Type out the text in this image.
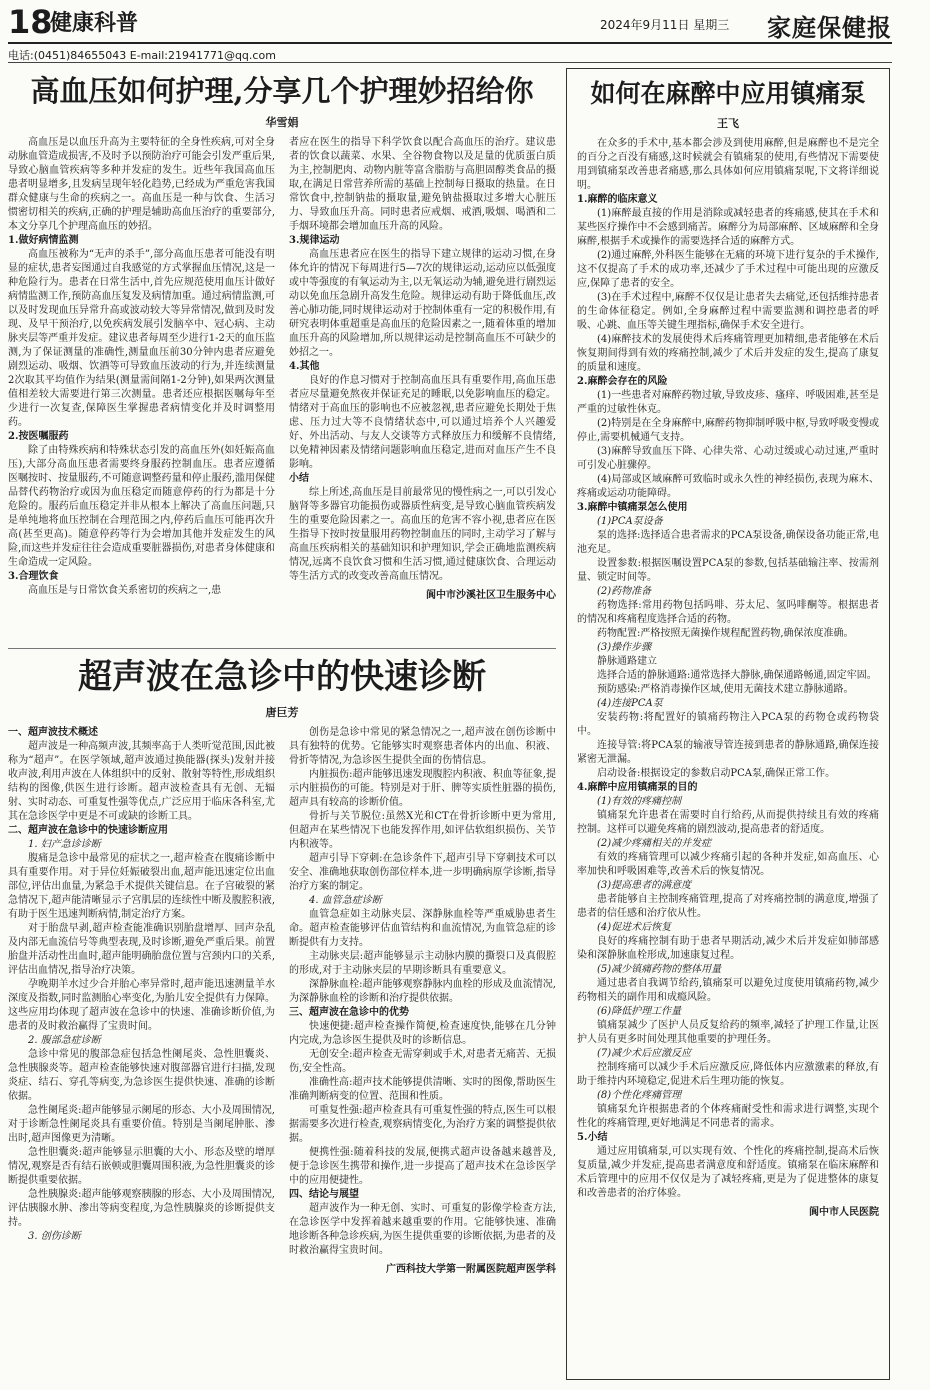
18
健康科普	2024年9月11日 星期三 家庭保健报
电话:(0451)84655043 E-mail:21941771@qq.com
高血压如何护理,分享几个护理妙招给你
华雪娟

高血压是以血压升高为主要特征的全身性疾病,可对全身动脉血管造成损害,不及时予以预防治疗可能会引发严重后果,导致心脑血管疾病等多种并发症的发生。近些年我国高血压患者明显增多,且发病呈现年轻化趋势,已经成为严重危害我国群众健康与生命的疾病之一。高血压是一种与饮食、生活习惯密切相关的疾病,正确的护理是辅助高血压治疗的重要部分,本文分享几个护理高血压的妙招。

1.做好病情监测

高血压被称为“无声的杀手”,部分高血压患者可能没有明显的症状,患者妄图通过自我感觉的方式掌握血压情况,这是一种危险行为。患者在日常生活中,首先应规范使用血压计做好病情监测工作,预防高血压复发及病情加重。通过病情监测,可以及时发现血压异常升高或波动较大等异常情况,做到及时发现、及早干预治疗,以免疾病发展引发脑卒中、冠心病、主动脉夹层等严重并发症。建议患者每周至少进行1-2天的血压监测,为了保证测量的准确性,测量血压前30分钟内患者应避免剧烈运动、吸烟、饮酒等可导致血压波动的行为,并连续测量2次取其平均值作为结果(测量需间隔1-2分钟),如果两次测量值相差较大需要进行第三次测量。患者还应根据医嘱每年至少进行一次复查,保障医生掌握患者病情变化并及时调整用药。

2.按医嘱服药

除了由特殊疾病和特殊状态引发的高血压外(如妊娠高血压),大部分高血压患者需要终身服药控制血压。患者应遵循医嘱按时、按量服药,不可随意调整药量和停止服药,滥用保健品替代药物治疗或因为血压稳定而随意停药的行为都是十分危险的。服药后血压稳定并非从根本上解决了高血压问题,只是单纯地将血压控制在合理范围之内,停药后血压可能再次升高(甚至更高)。随意停药等行为会增加其他并发症发生的风险,而这些并发症往往会造成重要脏器损伤,对患者身体健康和生命造成一定风险。

3.合理饮食

高血压是与日常饮食关系密切的疾病之一,患

者应在医生的指导下科学饮食以配合高血压的治疗。建议患者的饮食以蔬菜、水果、全谷物食物以及足量的优质蛋白质为主,控制肥肉、动物内脏等富含脂肪与高胆固醇类食品的摄取,在满足日常营养所需的基础上控制每日摄取的热量。在日常饮食中,控制钠盐的摄取量,避免钠盐摄取过多增大心脏压力、导致血压升高。同时患者应戒烟、戒酒,吸烟、喝酒和二手烟环境都会增加血压升高的风险。

3.规律运动

高血压患者应在医生的指导下建立规律的运动习惯,在身体允许的情况下每周进行5—7次的规律运动,运动应以低强度或中等强度的有氧运动为主,以无氧运动为辅,避免进行剧烈运动以免血压急剧升高发生危险。规律运动有助于降低血压,改善心肺功能,同时规律运动对于控制体重有一定的积极作用,有研究表明体重超重是高血压的危险因素之一,随着体重的增加血压升高的风险增加,所以规律运动是控制高血压不可缺少的妙招之一。

4.其他

良好的作息习惯对于控制高血压具有重要作用,高血压患者应尽量避免熬夜并保证充足的睡眠,以免影响血压的稳定。情绪对于高血压的影响也不应被忽视,患者应避免长期处于焦虑、压力过大等不良情绪状态中,可以通过培养个人兴趣爱好、外出活动、与友人交谈等方式释放压力和缓解不良情绪,以免精神因素及情绪问题影响血压稳定,进而对血压产生不良影响。

小结

综上所述,高血压是目前最常见的慢性病之一,可以引发心脑肾等多器官功能损伤或器质性病变,是导致心脑血管疾病发生的重要危险因素之一。高血压的危害不容小视,患者应在医生指导下按时按量服用药物控制血压的同时,主动学习了解与高血压疾病相关的基础知识和护理知识,学会正确地监测疾病情况,远离不良饮食习惯和生活习惯,通过健康饮食、合理运动等生活方式的改变改善高血压情况。

阆中市沙溪社区卫生服务中心
超声波在急诊中的快速诊断
唐巨芳
一、超声波技术概述

超声波是一种高频声波,其频率高于人类听觉范围,因此被称为“超声”。在医学领域,超声波通过换能器(探头)发射并接收声波,利用声波在人体组织中的反射、散射等特性,形成组织结构的图像,供医生进行诊断。超声波检查具有无创、无辐射、实时动态、可重复性强等优点,广泛应用于临床各科室,尤其在急诊医学中更是不可或缺的诊断工具。

二、超声波在急诊中的快速诊断应用
1. 妇产急诊诊断

腹痛是急诊中最常见的症状之一,超声检查在腹痛诊断中具有重要作用。对于异位妊娠破裂出血,超声能迅速定位出血部位,评估出血量,为紧急手术提供关键信息。在子宫破裂的紧急情况下,超声能清晰显示子宫肌层的连续性中断及腹腔积液,有助于医生迅速判断病情,制定治疗方案。

对于胎盘早剥,超声检查能准确识别胎盘增厚、回声杂乱及内部无血流信号等典型表现,及时诊断,避免严重后果。前置胎盘并活动性出血时,超声能明确胎盘位置与宫颈内口的关系,评估出血情况,指导治疗决策。

孕晚期羊水过少合并胎心率异常时,超声能迅速测量羊水深度及指数,同时监测胎心率变化,为胎儿安全提供有力保障。这些应用均体现了超声波在急诊中的快速、准确诊断价值,为患者的及时救治赢得了宝贵时间。

2. 腹部急症诊断

急诊中常见的腹部急症包括急性阑尾炎、急性胆囊炎、急性胰腺炎等。超声检查能够快速对腹部器官进行扫描,发现炎症、结石、穿孔等病变,为急诊医生提供快速、准确的诊断依据。

急性阑尾炎:超声能够显示阑尾的形态、大小及周围情况,对于诊断急性阑尾炎具有重要价值。特别是当阑尾肿胀、渗出时,超声图像更为清晰。

急性胆囊炎:超声能够显示胆囊的大小、形态及壁的增厚情况,观察是否有结石嵌顿或胆囊周围积液,为急性胆囊炎的诊断提供重要依据。

急性胰腺炎:超声能够观察胰腺的形态、大小及周围情况,评估胰腺水肿、渗出等病变程度,为急性胰腺炎的诊断提供支持。

3. 创伤诊断

创伤是急诊中常见的紧急情况之一,超声波在创伤诊断中具有独特的优势。它能够实时观察患者体内的出血、积液、骨折等情况,为急诊医生提供全面的伤情信息。

内脏损伤:超声能够迅速发现腹腔内积液、积血等征象,提示内脏损伤的可能。特别是对于肝、脾等实质性脏器的损伤,超声具有较高的诊断价值。

骨折与关节脱位:虽然X光和CT在骨折诊断中更为常用,但超声在某些情况下也能发挥作用,如评估软组织损伤、关节内积液等。

超声引导下穿刺:在急诊条件下,超声引导下穿刺技术可以安全、准确地获取创伤部位样本,进一步明确病原学诊断,指导治疗方案的制定。

4. 血管急症诊断

血管急症如主动脉夹层、深静脉血栓等严重威胁患者生命。超声检查能够评估血管结构和血流情况,为血管急症的诊断提供有力支持。

主动脉夹层:超声能够显示主动脉内膜的撕裂口及真假腔的形成,对于主动脉夹层的早期诊断具有重要意义。

深静脉血栓:超声能够观察静脉内血栓的形成及血流情况,为深静脉血栓的诊断和治疗提供依据。

三、超声波在急诊中的优势

快速便捷:超声检查操作简便,检查速度快,能够在几分钟内完成,为急诊医生提供及时的诊断信息。

无创安全:超声检查无需穿刺或手术,对患者无痛苦、无损伤,安全性高。

准确性高:超声技术能够提供清晰、实时的图像,帮助医生准确判断病变的位置、范围和性质。

可重复性强:超声检查具有可重复性强的特点,医生可以根据需要多次进行检查,观察病情变化,为治疗方案的调整提供依据。

便携性强:随着科技的发展,便携式超声设备越来越普及,便于急诊医生携带和操作,进一步提高了超声技术在急诊医学中的应用便捷性。

四、结论与展望

超声波作为一种无创、实时、可重复的影像学检查方法,在急诊医学中发挥着越来越重要的作用。它能够快速、准确地诊断各种急诊疾病,为医生提供重要的诊断依据,为患者的及时救治赢得宝贵时间。

广西科技大学第一附属医院超声医学科
如何在麻醉中应用镇痛泵
王飞

在众多的手术中,基本都会涉及到使用麻醉,但是麻醉也不是完全的百分之百没有痛感,这时候就会有镇痛泵的使用,有些情况下需要使用到镇痛泵改善患者痛感,那么具体如何应用镇痛泵呢,下文将详细说明。

1.麻醉的临床意义

(1)麻醉最直接的作用是消除或减轻患者的疼痛感,使其在手术和某些医疗操作中不会感到痛苦。麻醉分为局部麻醉、区域麻醉和全身麻醉,根据手术或操作的需要选择合适的麻醉方式。

(2)通过麻醉,外科医生能够在无痛的环境下进行复杂的手术操作,这不仅提高了手术的成功率,还减少了手术过程中可能出现的应激反应,保障了患者的安全。

(3)在手术过程中,麻醉不仅仅是让患者失去痛觉,还包括维持患者的生命体征稳定。例如,全身麻醉过程中需要监测和调控患者的呼吸、心跳、血压等关键生理指标,确保手术安全进行。

(4)麻醉技术的发展使得术后疼痛管理更加精细,患者能够在术后恢复期间得到有效的疼痛控制,减少了术后并发症的发生,提高了康复的质量和速度。

2.麻醉会存在的风险

(1)一些患者对麻醉药物过敏,导致皮疹、瘙痒、呼吸困难,甚至是严重的过敏性休克。

(2)特别是在全身麻醉中,麻醉药物抑制呼吸中枢,导致呼吸变慢或停止,需要机械通气支持。

(3)麻醉导致血压下降、心律失常、心动过缓或心动过速,严重时可引发心脏骤停。

(4)局部或区域麻醉可致临时或永久性的神经损伤,表现为麻木、疼痛或运动功能障碍。

3.麻醉中镇痛泵怎么使用
(1)PCA泵设备

泵的选择:选择适合患者需求的PCA泵设备,确保设备功能正常,电池充足。

设置参数:根据医嘱设置PCA泵的参数,包括基础输注率、按需剂量、锁定时间等。

(2)药物准备

药物选择:常用药物包括吗啡、芬太尼、氢吗啡酮等。根据患者的情况和疼痛程度选择合适的药物。

药物配置:严格按照无菌操作规程配置药物,确保浓度准确。

(3)操作步骤

静脉通路建立

选择合适的静脉通路:通常选择大静脉,确保通路畅通,固定牢固。

预防感染:严格消毒操作区域,使用无菌技术建立静脉通路。

(4)连接PCA泵

安装药物:将配置好的镇痛药物注入PCA泵的药物仓或药物袋中。

连接导管:将PCA泵的输液导管连接到患者的静脉通路,确保连接紧密无泄漏。

启动设备:根据设定的参数启动PCA泵,确保正常工作。

4.麻醉中应用镇痛泵的目的
(1)有效的疼痛控制

镇痛泵允许患者在需要时自行给药,从而提供持续且有效的疼痛控制。这样可以避免疼痛的剧烈波动,提高患者的舒适度。

(2)减少疼痛相关的并发症

有效的疼痛管理可以减少疼痛引起的各种并发症,如高血压、心率加快和呼吸困难等,改善术后的恢复情况。

(3)提高患者的满意度

患者能够自主控制疼痛管理,提高了对疼痛控制的满意度,增强了患者的信任感和治疗依从性。

(4)促进术后恢复

良好的疼痛控制有助于患者早期活动,减少术后并发症如肺部感染和深静脉血栓形成,加速康复过程。

(5)减少镇痛药物的整体用量

通过患者自我调节给药,镇痛泵可以避免过度使用镇痛药物,减少药物相关的副作用和成瘾风险。

(6)降低护理工作量

镇痛泵减少了医护人员反复给药的频率,减轻了护理工作量,让医护人员有更多时间处理其他重要的护理任务。

(7)减少术后应激反应

控制疼痛可以减少手术后应激反应,降低体内应激激素的释放,有助于维持内环境稳定,促进术后生理功能的恢复。

(8)个性化疼痛管理

镇痛泵允许根据患者的个体疼痛耐受性和需求进行调整,实现个性化的疼痛管理,更好地满足不同患者的需求。

5.小结

通过应用镇痛泵,可以实现有效、个性化的疼痛控制,提高术后恢复质量,减少并发症,提高患者满意度和舒适度。镇痛泵在临床麻醉和术后管理中的应用不仅仅是为了减轻疼痛,更是为了促进整体的康复和改善患者的治疗体验。

阆中市人民医院
